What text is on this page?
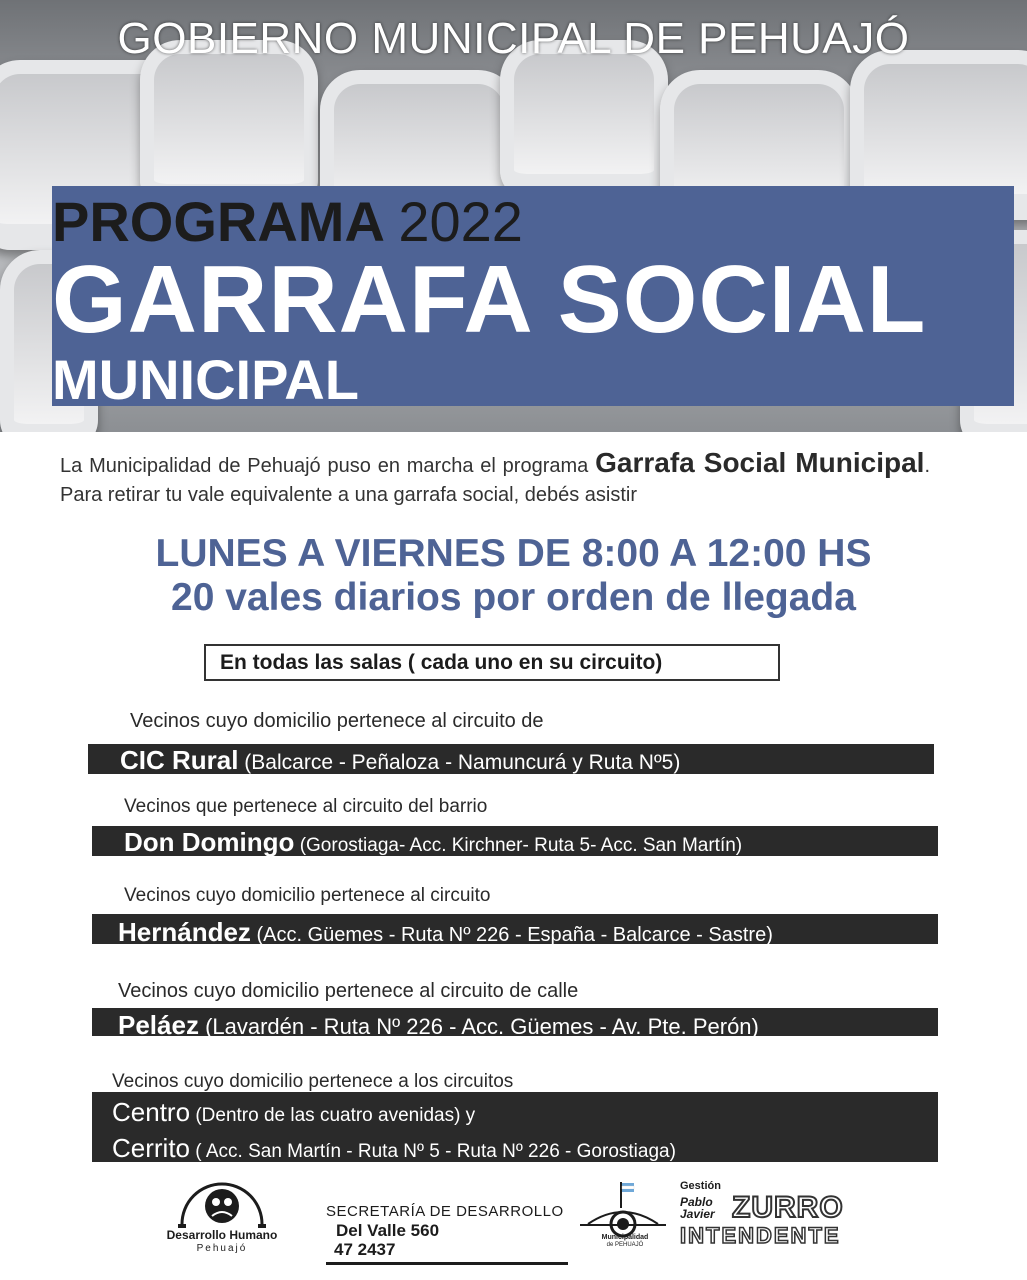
GOBIERNO MUNICIPAL DE PEHUAJÓ
PROGRAMA 2022
GARRAFA SOCIAL
MUNICIPAL
La Municipalidad de Pehuajó puso en marcha el programa Garrafa Social Municipal. Para retirar tu vale equivalente a una garrafa social, debés asistir
LUNES A VIERNES DE 8:00 A 12:00 HS
20 vales diarios por orden de llegada
En todas las salas ( cada uno en su circuito)
Vecinos cuyo domicilio pertenece al circuito de
CIC Rural (Balcarce - Peñaloza - Namuncurá y Ruta Nº5)
Vecinos que pertenece al circuito del barrio
Don Domingo (Gorostiaga- Acc. Kirchner- Ruta 5- Acc. San Martín)
Vecinos cuyo domicilio pertenece al circuito
Hernández (Acc. Güemes - Ruta Nº 226 - España - Balcarce - Sastre)
Vecinos cuyo domicilio pertenece al circuito de calle
Peláez (Lavardén - Ruta Nº 226 - Acc. Güemes - Av. Pte. Perón)
Vecinos cuyo domicilio pertenece a los circuitos
Centro (Dentro de las cuatro avenidas) y
Cerrito ( Acc. San Martín - Ruta Nº 5 - Ruta Nº 226 - Gorostiaga)
Desarrollo Humano
Pehuajó
SECRETARÍA DE DESARROLLO
Del Valle 560
47 2437
Municipalidad
de PEHUAJÓ
Gestión
Pablo
Javier ZURRO
INTENDENTE
